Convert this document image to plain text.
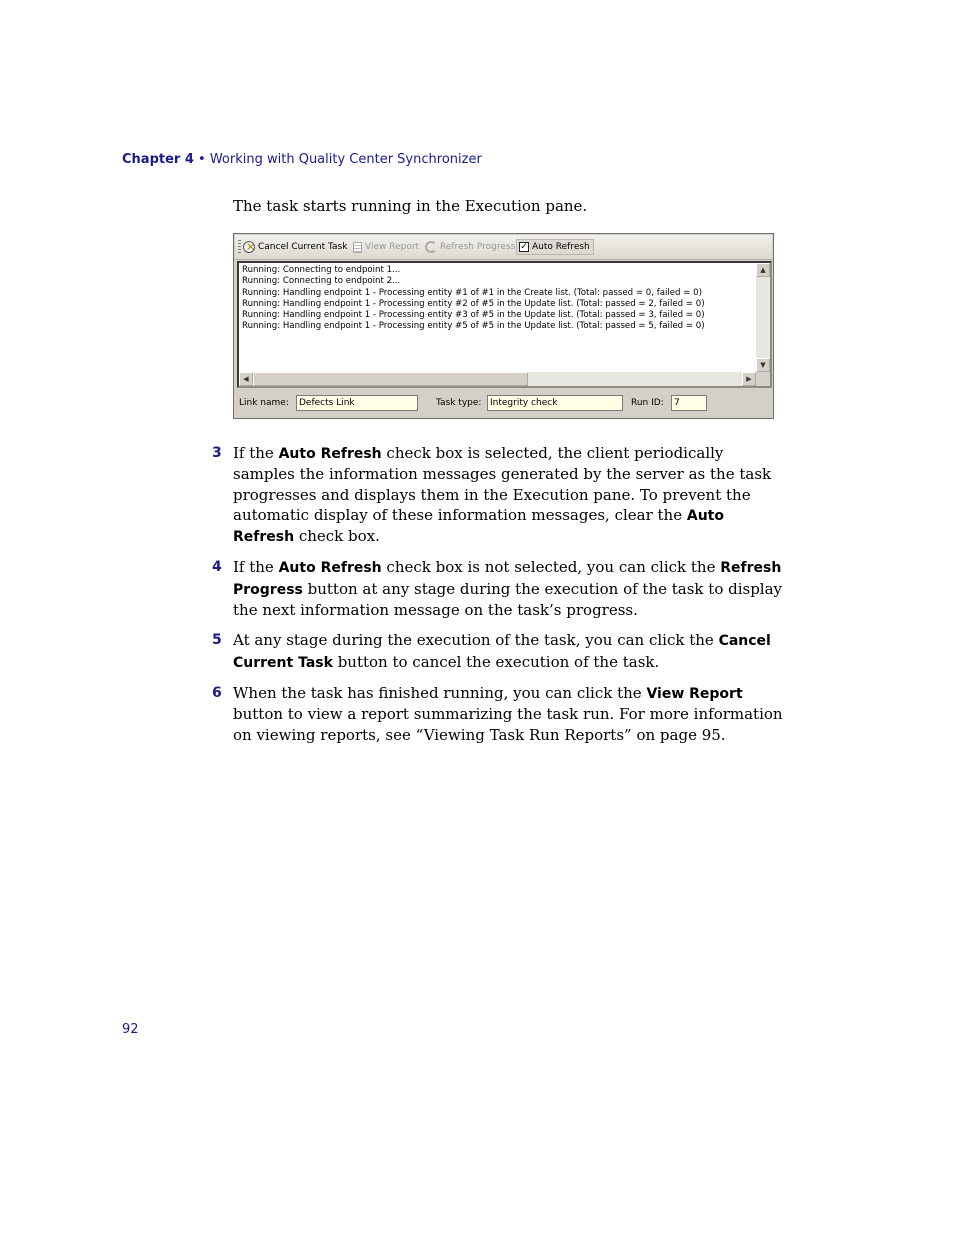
Chapter 4 • Working with Quality Center Synchronizer
The task starts running in the Execution pane.
×
Cancel Current Task View Report Refresh Progress ✓ Auto Refresh
Running: Connecting to endpoint 1...
Running: Connecting to endpoint 2...
Running: Handling endpoint 1 - Processing entity #1 of #1 in the Create list. (Total: passed = 0, failed = 0)
Running: Handling endpoint 1 - Processing entity #2 of #5 in the Update list. (Total: passed = 2, failed = 0)
Running: Handling endpoint 1 - Processing entity #3 of #5 in the Update list. (Total: passed = 3, failed = 0)
Running: Handling endpoint 1 - Processing entity #5 of #5 in the Update list. (Total: passed = 5, failed = 0)
▲
▼
◀	▶
Link name:	Defects Link	Task type: Integrity check	Run ID:	7
3 If the Auto Refresh check box is selected, the client periodically samples the information messages generated by the server as the task progresses and displays them in the Execution pane. To prevent the automatic display of these information messages, clear the Auto Refresh check box.
4 If the Auto Refresh check box is not selected, you can click the Refresh Progress button at any stage during the execution of the task to display the next information message on the task’s progress.
5 At any stage during the execution of the task, you can click the Cancel Current Task button to cancel the execution of the task.
6 When the task has finished running, you can click the View Report button to view a report summarizing the task run. For more information on viewing reports, see “Viewing Task Run Reports” on page 95.
92
